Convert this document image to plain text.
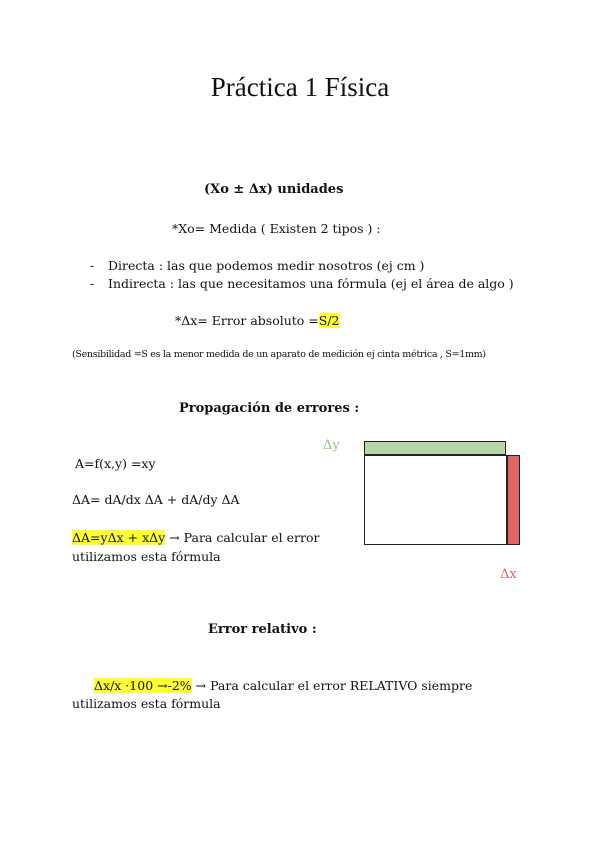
Práctica 1 Física
(Xo ± Δx) unidades
*Xo= Medida ( Existen 2 tipos ) :
- Directa : las que podemos medir nosotros (ej cm )
- Indirecta : las que necesitamos una fórmula (ej el área de algo )
*Δx= Error absoluto =S/2
(Sensibilidad =S es la menor medida de un aparato de medición ej cinta métrica , S=1mm)
Propagación de errores :
A=f(x,y) =xy
ΔA= dA/dx ΔA + dA/dy ΔA
ΔA=yΔx + xΔy → Para calcular el error
utilizamos esta fórmula
Δy
Δx
Error relativo :
Δx/x ·100 →-2% → Para calcular el error RELATIVO siempre
utilizamos esta fórmula
